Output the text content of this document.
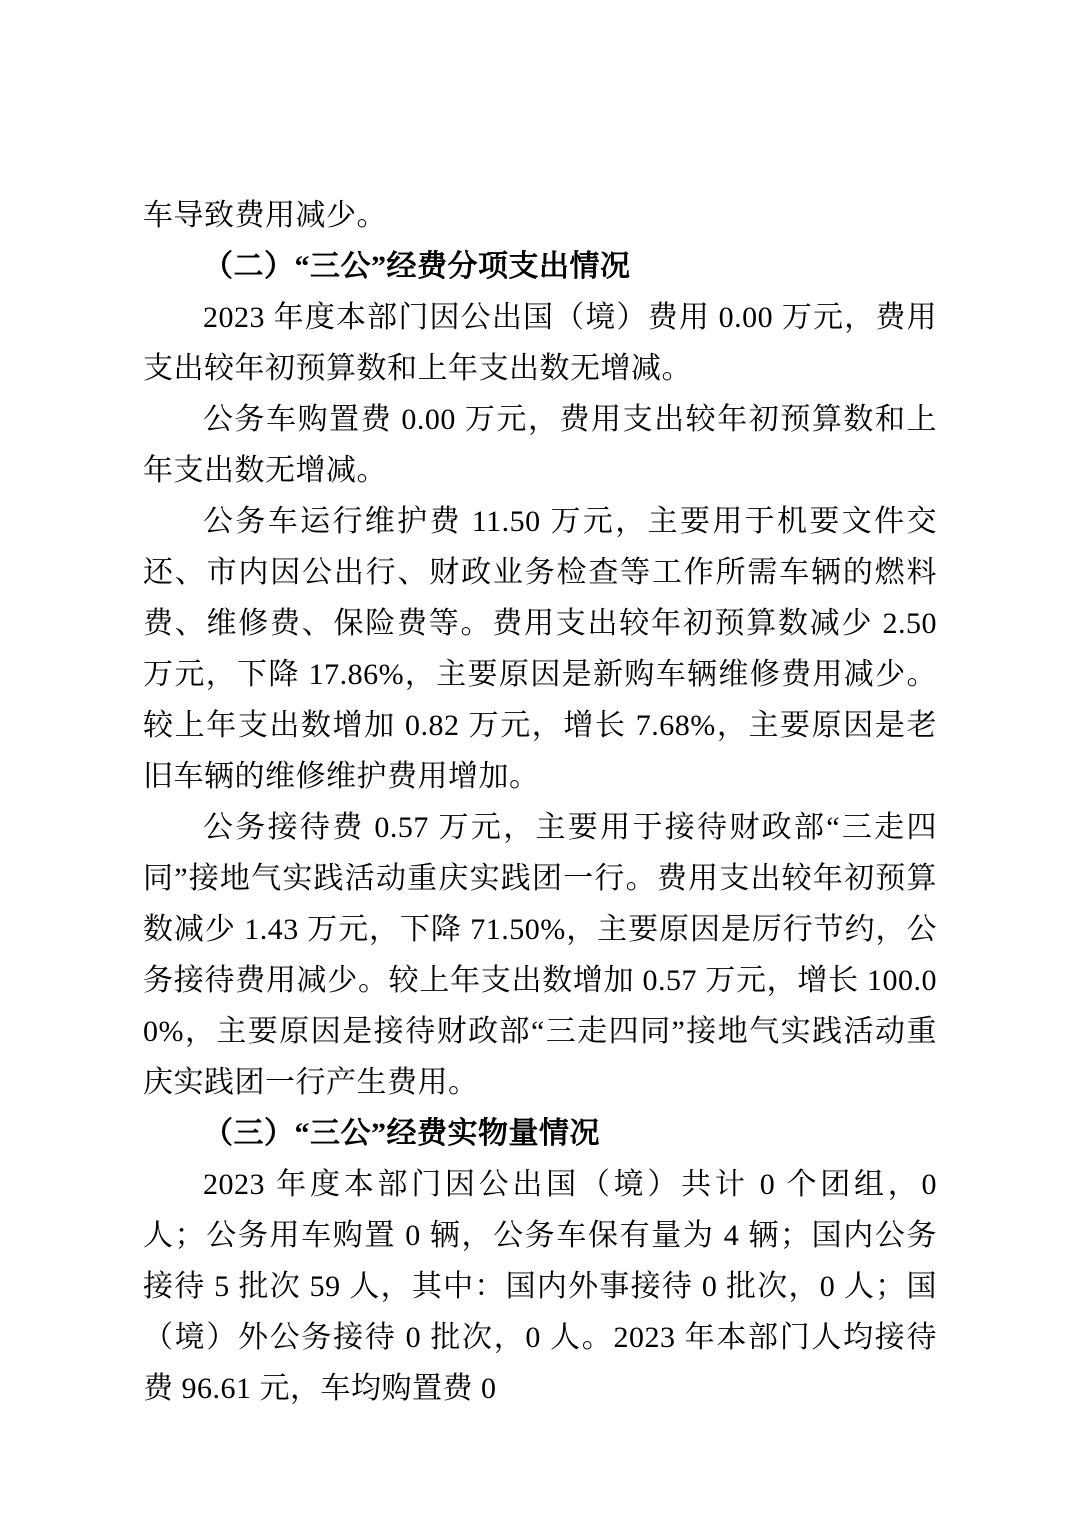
车导致费用减少。

（二）“三公”经费分项支出情况

2023 年度本部门因公出国（境）费用 0.00 万元，费用支出较年初预算数和上年支出数无增减。

公务车购置费 0.00 万元，费用支出较年初预算数和上年支出数无增减。

公务车运行维护费 11.50 万元，主要用于机要文件交还、市内因公出行、财政业务检查等工作所需车辆的燃料费、维修费、保险费等。费用支出较年初预算数减少 2.50 万元，下降 17.86%，主要原因是新购车辆维修费用减少。较上年支出数增加 0.82 万元，增长 7.68%，主要原因是老旧车辆的维修维护费用增加。

公务接待费 0.57 万元，主要用于接待财政部“三走四同”接地气实践活动重庆实践团一行。费用支出较年初预算数减少 1.43 万元，下降 71.50%，主要原因是厉行节约，公务接待费用减少。较上年支出数增加 0.57 万元，增长 100.00%，主要原因是接待财政部“三走四同”接地气实践活动重庆实践团一行产生费用。

（三）“三公”经费实物量情况

2023 年度本部门因公出国（境）共计 0 个团组，0 人；公务用车购置 0 辆，公务车保有量为 4 辆；国内公务接待 5 批次 59 人，其中：国内外事接待 0 批次，0 人；国（境）外公务接待 0 批次，0 人。2023 年本部门人均接待费 96.61 元，车均购置费 0
